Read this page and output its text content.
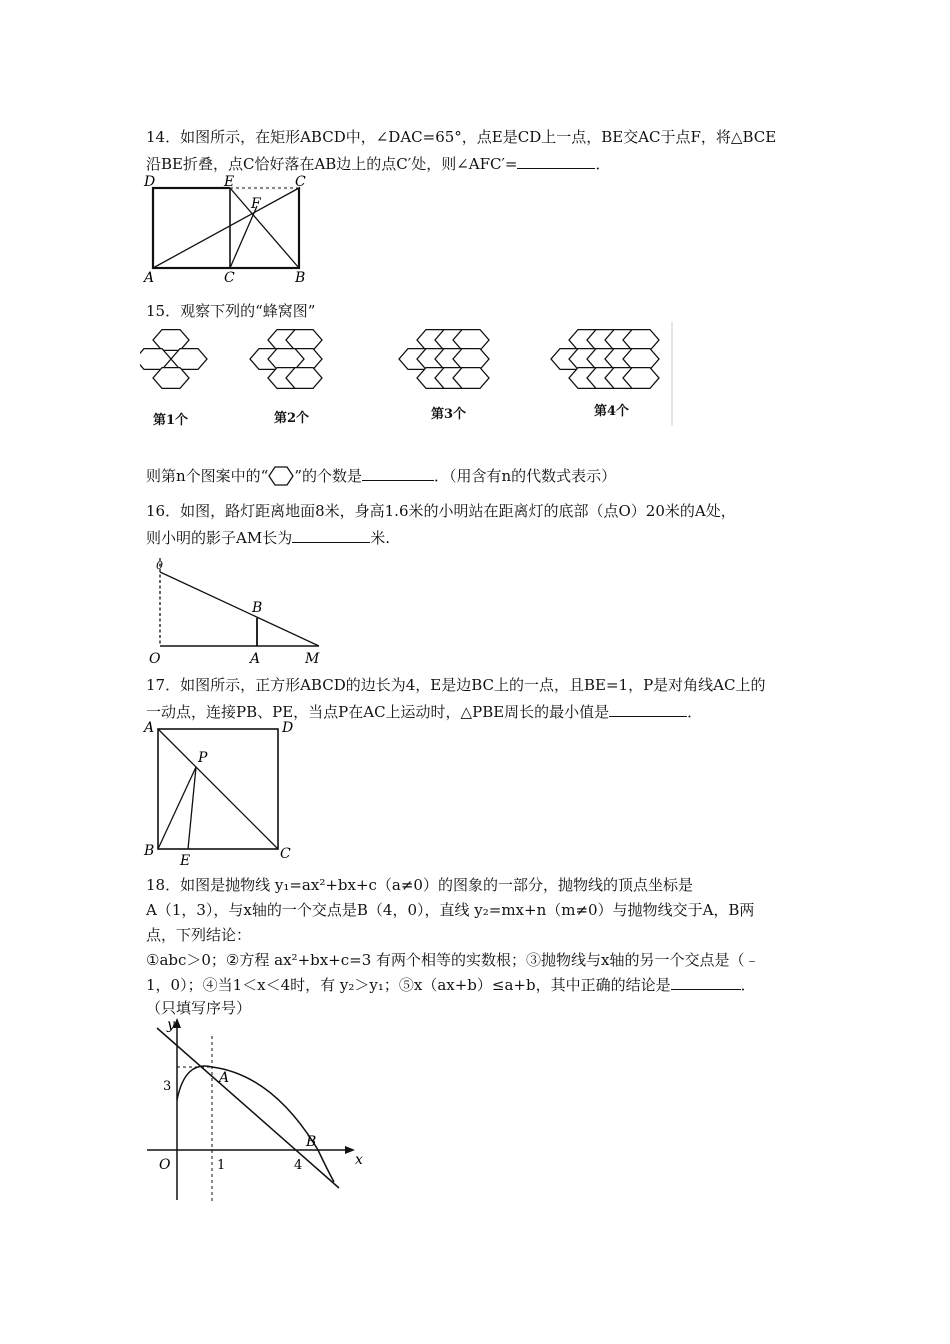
14．如图所示，在矩形ABCD中，∠DAC=65°，点E是CD上一点，BE交AC于点F，将△BCE
沿BE折叠，点C恰好落在AB边上的点C′处，则∠AFC′=	．
D	E	C
F
A	C	B
15．观察下列的“蜂窝图”
第1个	第2个	第3个	第4个
则第n个图案中的“ ”的个数是	．（用含有n的代数式表示）
16．如图，路灯距离地面8米，身高1.6米的小明站在距离灯的底部（点O）20米的A处，
则小明的影子AM长为	米.
0
B
O	A	M
17．如图所示，正方形ABCD的边长为4，E是边BC上的一点，且BE=1，P是对角线AC上的
一动点，连接PB、PE，当点P在AC上运动时，△PBE周长的最小值是	．
A	D
P
B
E	C
18．如图是抛物线 y₁=ax²+bx+c（a≠0）的图象的一部分，抛物线的顶点坐标是
A（1，3），与x轴的一个交点是B（4，0），直线 y₂=mx+n（m≠0）与抛物线交于A，B两
点，下列结论：
①abc＞0；②方程 ax²+bx+c=3 有两个相等的实数根；③抛物线与x轴的另一个交点是（﹣
1，0）；④当1＜x＜4时，有 y₂＞y₁；⑤x（ax+b）≤a+b，其中正确的结论是	．
（只填写序号）
y
x
3
A
B
O	1	4
